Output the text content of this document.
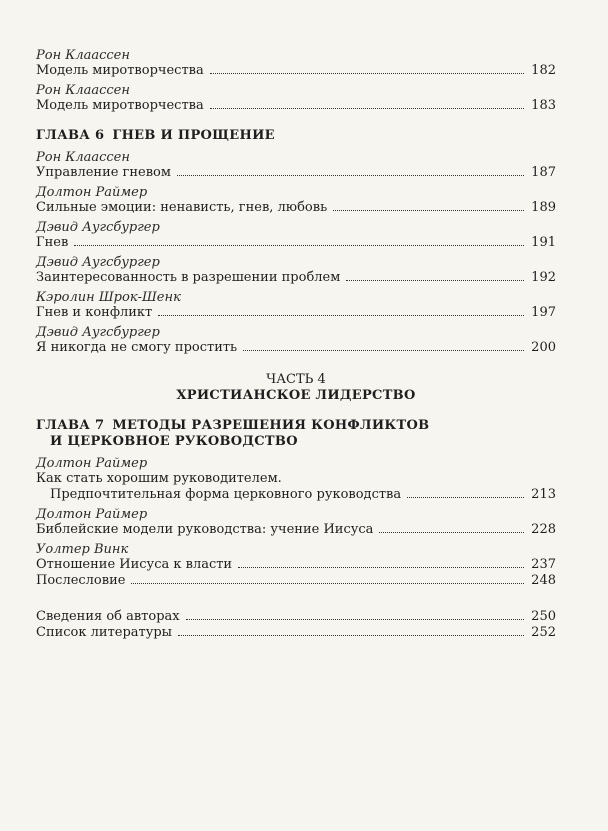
Рон Клаассен

Модель миротворчества	182

Рон Клаассен

Модель миротворчества	183
ГЛАВА 6 ГНЕВ И ПРОЩЕНИЕ

Рон Клаассен

Управление гневом	187

Долтон Раймер

Сильные эмоции: ненависть, гнев, любовь	189

Дэвид Аугсбургер

Гнев	191

Дэвид Аугсбургер

Заинтересованность в разрешении проблем	192

Кэролин Шрок-Шенк

Гнев и конфликт	197

Дэвид Аугсбургер

Я никогда не смогу простить	200
ЧАСТЬ 4
ХРИСТИАНСКОЕ ЛИДЕРСТВО
ГЛАВА 7 МЕТОДЫ РАЗРЕШЕНИЯ КОНФЛИКТОВ
И ЦЕРКОВНОЕ РУКОВОДСТВО

Долтон Раймер

Как стать хорошим руководителем.
Предпочтительная форма церковного руководства	213

Долтон Раймер

Библейские модели руководства: учение Иисуса	228

Уолтер Винк

Отношение Иисуса к власти	237
Послесловие	248
Сведения об авторах	250
Список литературы	252
